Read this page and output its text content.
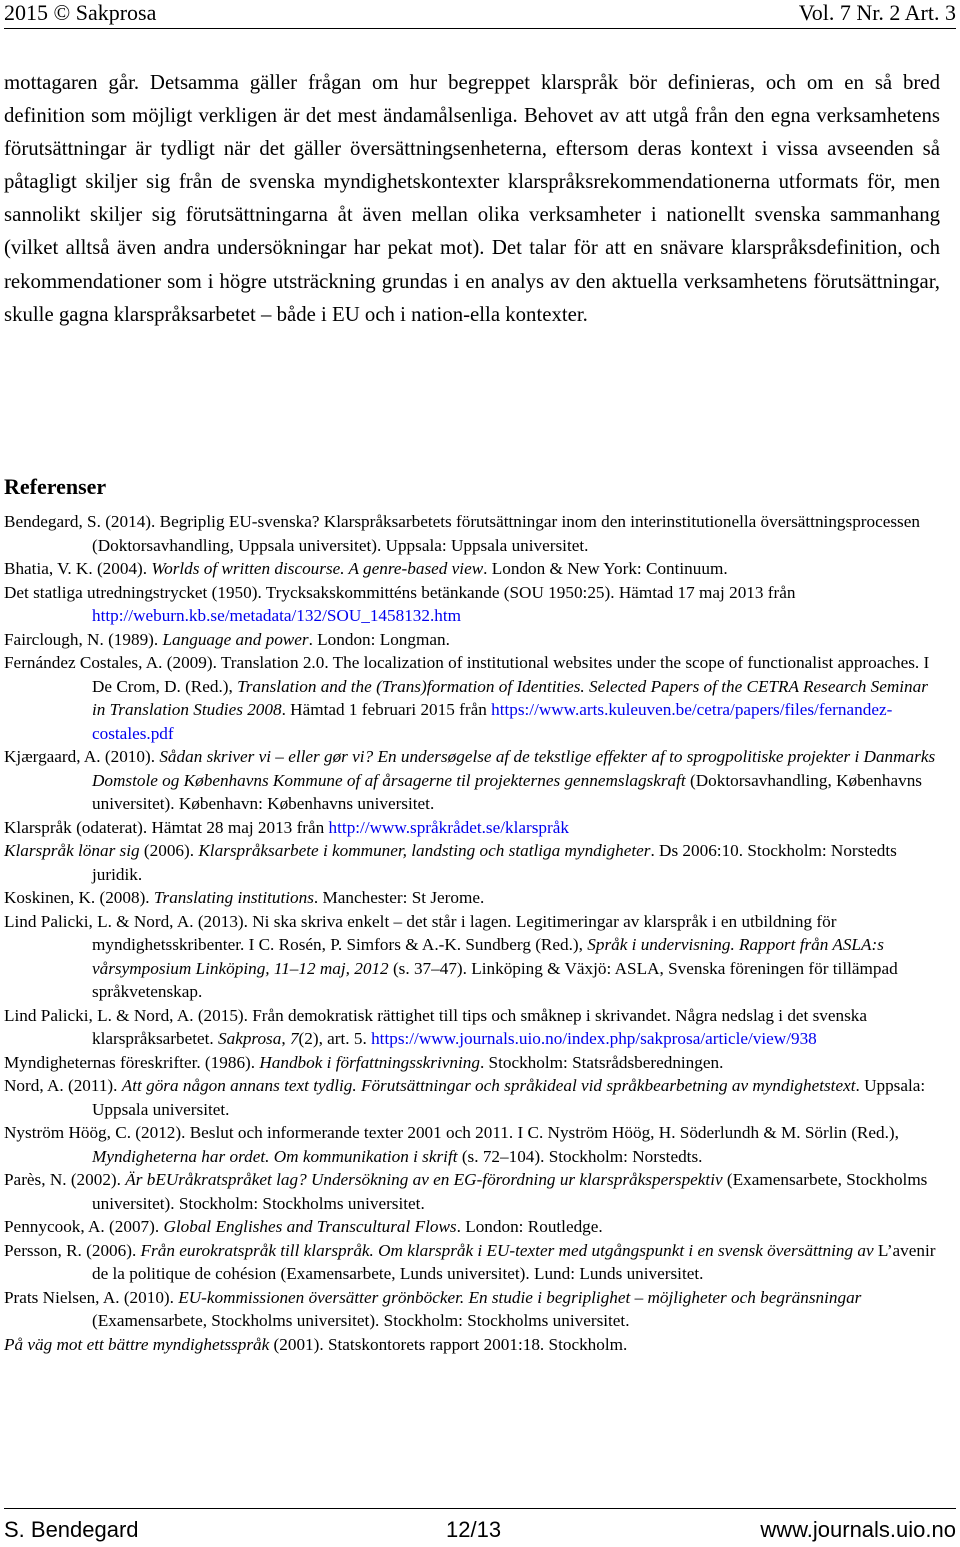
2015 © Sakprosa	Vol. 7 Nr. 2 Art. 3

mottagaren går. Detsamma gäller frågan om hur begreppet klarspråk bör definieras, och om en så bred definition som möjligt verkligen är det mest ändamålsenliga. Behovet av att utgå från den egna verksamhetens förutsättningar är tydligt när det gäller översättningsenheterna, eftersom deras kontext i vissa avseenden så påtagligt skiljer sig från de svenska myndighetskontexter klarspråksrekommendationerna utformats för, men sannolikt skiljer sig förutsättningarna åt även mellan olika verksamheter i nationellt svenska sammanhang (vilket alltså även andra undersökningar har pekat mot). Det talar för att en snävare klarspråksdefinition, och rekommendationer som i högre utsträckning grundas i en analys av den aktuella verksamhetens förutsättningar, skulle gagna klarspråksarbetet – både i EU och i nation-ella kontexter.

Referenser
Bendegard, S. (2014). Begriplig EU-svenska? Klarspråksarbetets förutsättningar inom den interinstitutionella översättningsprocessen (Doktorsavhandling, Uppsala universitet). Uppsala: Uppsala universitet.
Bhatia, V. K. (2004). Worlds of written discourse. A genre-based view. London & New York: Continuum.
Det statliga utredningstrycket (1950). Trycksakskommitténs betänkande (SOU 1950:25). Hämtad 17 maj 2013 från http://weburn.kb.se/metadata/132/SOU_1458132.htm
Fairclough, N. (1989). Language and power. London: Longman.
Fernández Costales, A. (2009). Translation 2.0. The localization of institutional websites under the scope of functionalist approaches. I De Crom, D. (Red.), Translation and the (Trans)formation of Identities. Selected Papers of the CETRA Research Seminar in Translation Studies 2008. Hämtad 1 februari 2015 från https://www.arts.kuleuven.be/cetra/papers/files/fernandez-costales.pdf
Kjærgaard, A. (2010). Sådan skriver vi – eller gør vi? En undersøgelse af de tekstlige effekter af to sprogpolitiske projekter i Danmarks Domstole og Københavns Kommune of af årsagerne til projekternes gennemslagskraft (Doktorsavhandling, Københavns universitet). København: Københavns universitet.
Klarspråk (odaterat). Hämtat 28 maj 2013 från http://www.språkrådet.se/klarspråk
Klarspråk lönar sig (2006). Klarspråksarbete i kommuner, landsting och statliga myndigheter. Ds 2006:10. Stockholm: Norstedts juridik.
Koskinen, K. (2008). Translating institutions. Manchester: St Jerome.
Lind Palicki, L. & Nord, A. (2013). Ni ska skriva enkelt – det står i lagen. Legitimeringar av klarspråk i en utbildning för myndighetsskribenter. I C. Rosén, P. Simfors & A.-K. Sundberg (Red.), Språk i undervisning. Rapport från ASLA:s vårsymposium Linköping, 11–12 maj, 2012 (s. 37–47). Linköping & Växjö: ASLA, Svenska föreningen för tillämpad språkvetenskap.
Lind Palicki, L. & Nord, A. (2015). Från demokratisk rättighet till tips och småknep i skrivandet. Några nedslag i det svenska klarspråksarbetet. Sakprosa, 7(2), art. 5. https://www.journals.uio.no/index.php/sakprosa/article/view/938
Myndigheternas föreskrifter. (1986). Handbok i författningsskrivning. Stockholm: Statsrådsberedningen.
Nord, A. (2011). Att göra någon annans text tydlig. Förutsättningar och språkideal vid språkbearbetning av myndighetstext. Uppsala: Uppsala universitet.
Nyström Höög, C. (2012). Beslut och informerande texter 2001 och 2011. I C. Nyström Höög, H. Söderlundh & M. Sörlin (Red.), Myndigheterna har ordet. Om kommunikation i skrift (s. 72–104). Stockholm: Norstedts.
Parès, N. (2002). Är bEUråkratspråket lag? Undersökning av en EG-förordning ur klarspråksperspektiv (Examensarbete, Stockholms universitet). Stockholm: Stockholms universitet.
Pennycook, A. (2007). Global Englishes and Transcultural Flows. London: Routledge.
Persson, R. (2006). Från eurokratspråk till klarspråk. Om klarspråk i EU-texter med utgångspunkt i en svensk översättning av L’avenir de la politique de cohésion (Examensarbete, Lunds universitet). Lund: Lunds universitet.
Prats Nielsen, A. (2010). EU-kommissionen översätter grönböcker. En studie i begriplighet – möjligheter och begränsningar (Examensarbete, Stockholms universitet). Stockholm: Stockholms universitet.
På väg mot ett bättre myndighetsspråk (2001). Statskontorets rapport 2001:18. Stockholm.
S. Bendegard	12/13	www.journals.uio.no
